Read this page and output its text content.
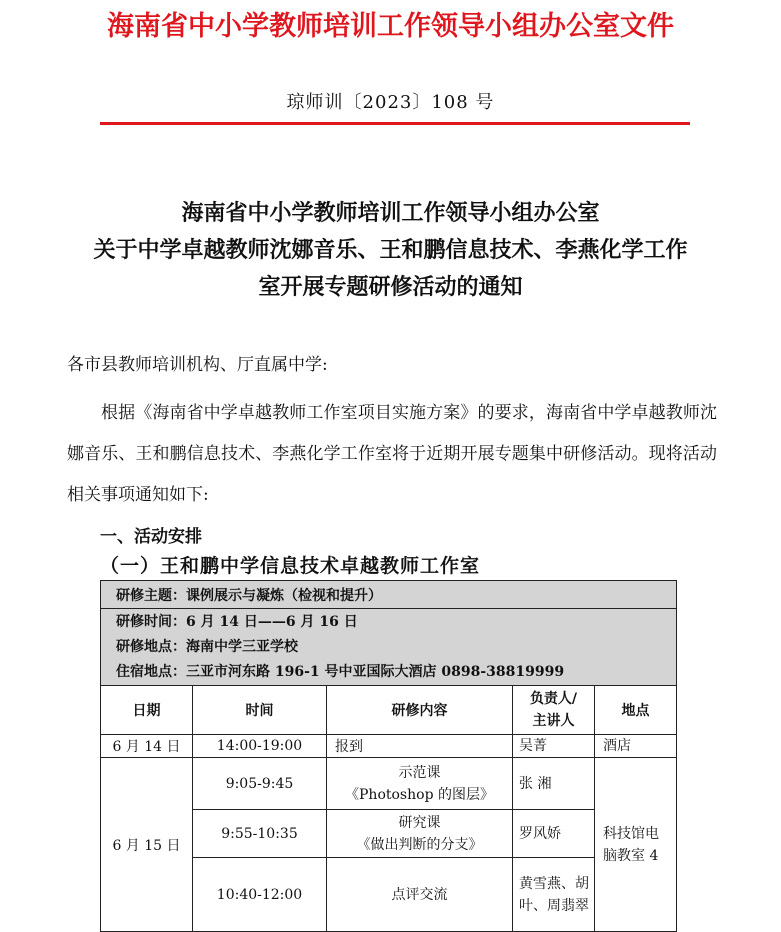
海南省中小学教师培训工作领导小组办公室文件
琼师训〔2023〕108 号
海南省中小学教师培训工作领导小组办公室
关于中学卓越教师沈娜音乐、王和鹏信息技术、李燕化学工作
室开展专题研修活动的通知
各市县教师培训机构、厅直属中学:
根据《海南省中学卓越教师工作室项目实施方案》的要求，海南省中学卓越教师沈娜音乐、王和鹏信息技术、李燕化学工作室将于近期开展专题集中研修活动。现将活动相关事项通知如下:
一、活动安排
（一）王和鹏中学信息技术卓越教师工作室
研修主题：课例展示与凝炼（检视和提升）				

研修时间：6 月 14 日——6 月 16 日
研修地点：海南中学三亚学校
住宿地点：三亚市河东路 196-1 号中亚国际大酒店 0898-38819999				

日期	时间	研修内容	负责人/
主讲人	地点
6 月 14 日	14:00-19:00	报到	吴菁	酒店
6 月 15 日	9:05-9:45	示范课
《Photoshop 的图层》	张 湘	科技馆电脑教室 4
	9:55-10:35	研究课
《做出判断的分支》	罗风娇	
	10:40-12:00	点评交流	黄雪燕、胡叶、周翡翠	
